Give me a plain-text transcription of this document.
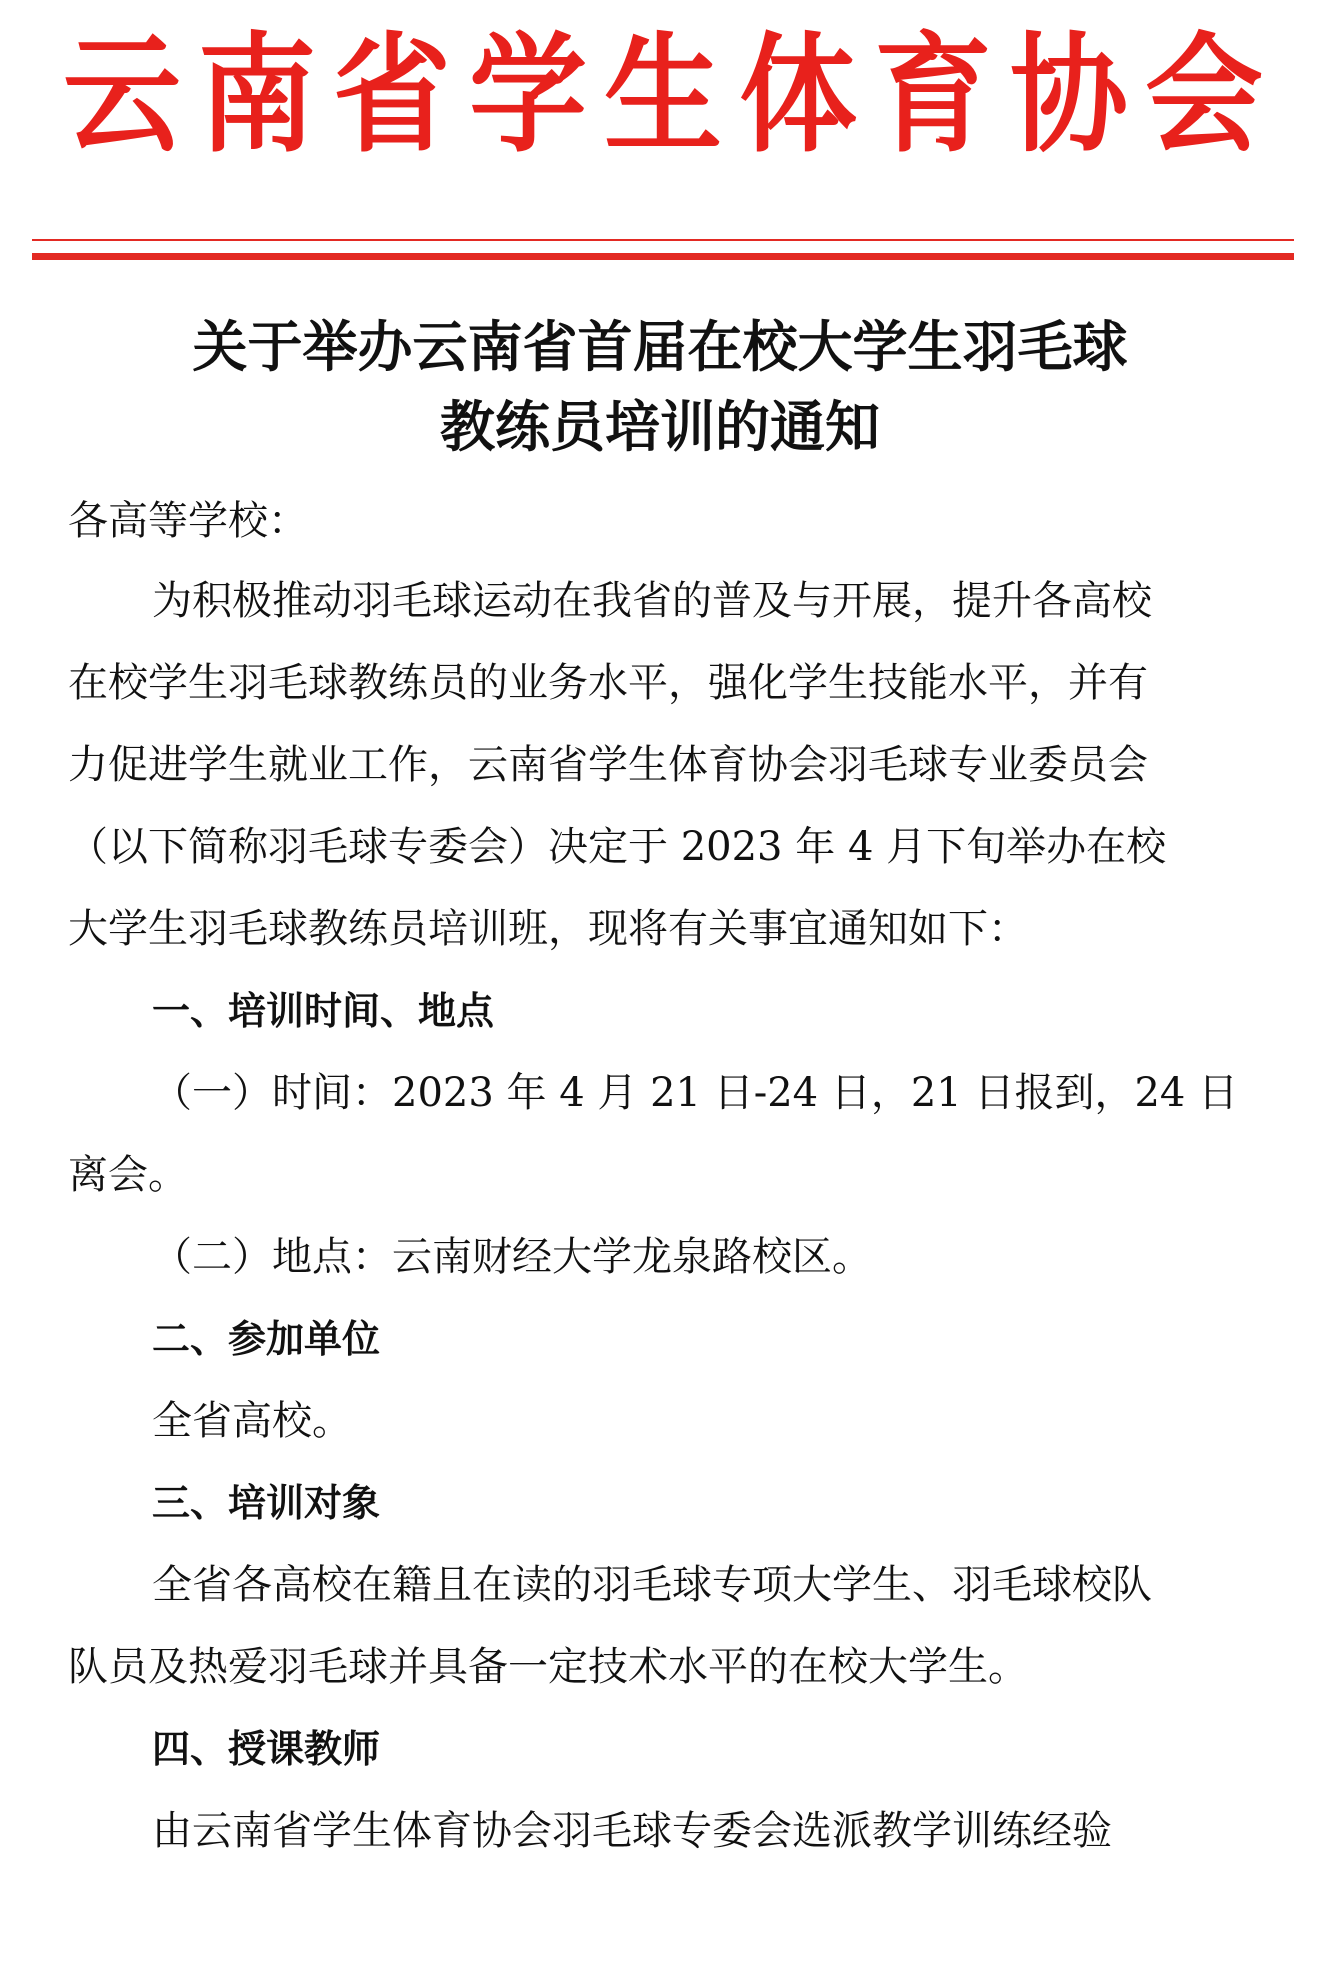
云 南 省 学 生 体 育 协 会
关于举办云南省首届在校大学生羽毛球
教练员培训的通知
各高等学校：
为积极推动羽毛球运动在我省的普及与开展，提升各高校
在校学生羽毛球教练员的业务水平，强化学生技能水平，并有
力促进学生就业工作，云南省学生体育协会羽毛球专业委员会
（以下简称羽毛球专委会）决定于 2023 年 4 月下旬举办在校
大学生羽毛球教练员培训班，现将有关事宜通知如下：
一、培训时间、地点
（一）时间：2023 年 4 月 21 日-24 日，21 日报到，24 日
离会。
（二）地点：云南财经大学龙泉路校区。
二、参加单位
全省高校。
三、培训对象
全省各高校在籍且在读的羽毛球专项大学生、羽毛球校队
队员及热爱羽毛球并具备一定技术水平的在校大学生。
四、授课教师
由云南省学生体育协会羽毛球专委会选派教学训练经验
